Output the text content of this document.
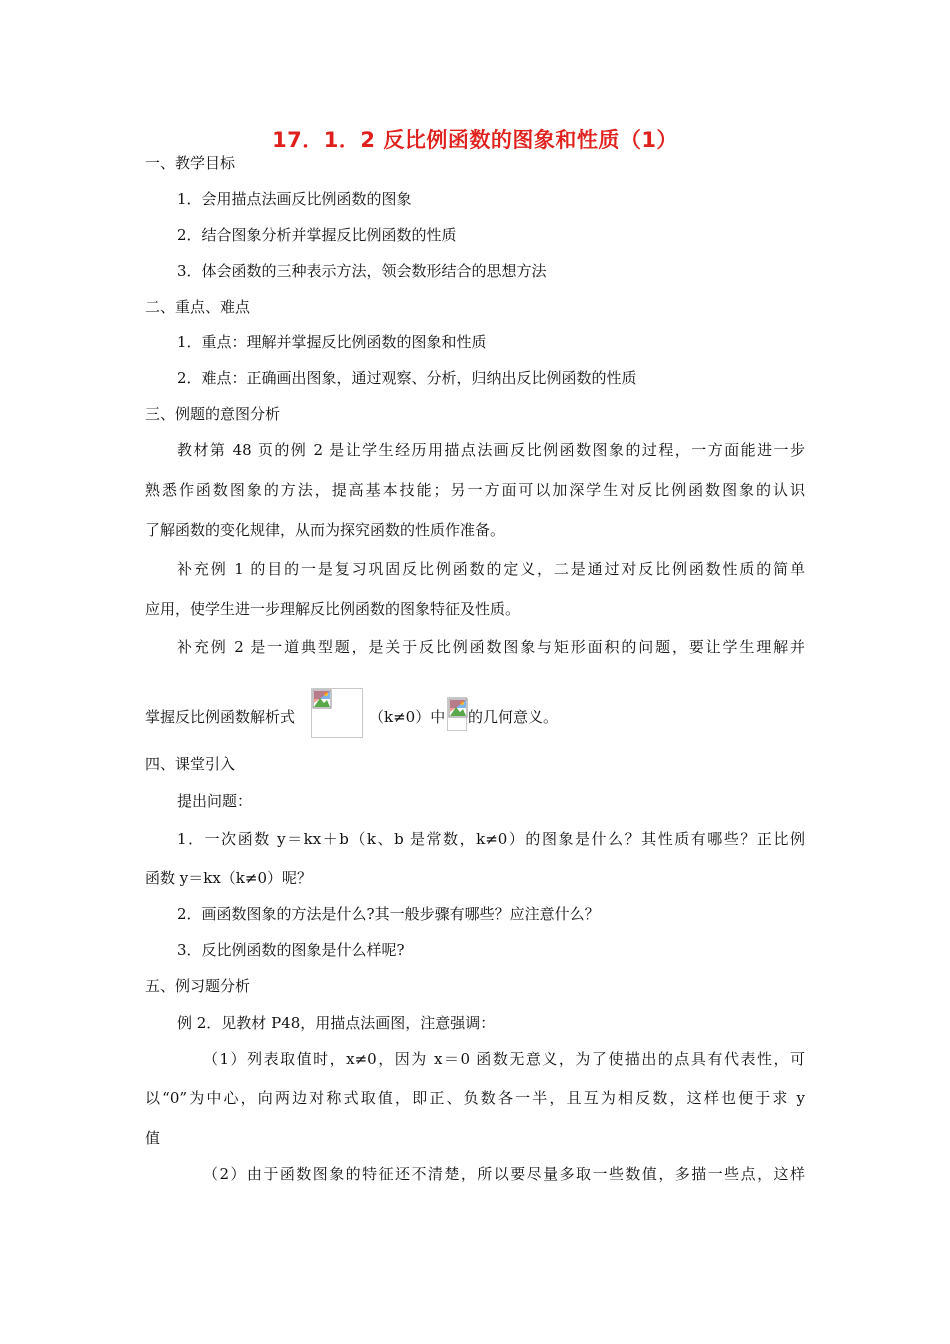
17．1．2 反比例函数的图象和性质（1）
一、教学目标
1．会用描点法画反比例函数的图象
2．结合图象分析并掌握反比例函数的性质
3．体会函数的三种表示方法，领会数形结合的思想方法
二、重点、难点
1．重点：理解并掌握反比例函数的图象和性质
2．难点：正确画出图象，通过观察、分析，归纳出反比例函数的性质
三、例题的意图分析
教材第 48 页的例 2 是让学生经历用描点法画反比例函数图象的过程，一方面能进一步
熟悉作函数图象的方法，提高基本技能；另一方面可以加深学生对反比例函数图象的认识
了解函数的变化规律，从而为探究函数的性质作准备。
补充例 1 的目的一是复习巩固反比例函数的定义，二是通过对反比例函数性质的简单
应用，使学生进一步理解反比例函数的图象特征及性质。
补充例 2 是一道典型题，是关于反比例函数图象与矩形面积的问题，要让学生理解并
掌握反比例函数解析式	（k≠0）中 的几何意义。
四、课堂引入
提出问题：
1．一次函数 y＝kx＋b（k、b 是常数，k≠0）的图象是什么？其性质有哪些？正比例
函数 y＝kx（k≠0）呢？
2．画函数图象的方法是什么?其一般步骤有哪些？应注意什么？
3．反比例函数的图象是什么样呢?
五、例习题分析
例 2．见教材 P48，用描点法画图，注意强调：
（1）列表取值时，x≠0，因为 x＝0 函数无意义，为了使描出的点具有代表性，可
以“0”为中心，向两边对称式取值，即正、负数各一半，且互为相反数，这样也便于求 y
值
（2）由于函数图象的特征还不清楚，所以要尽量多取一些数值，多描一些点，这样
